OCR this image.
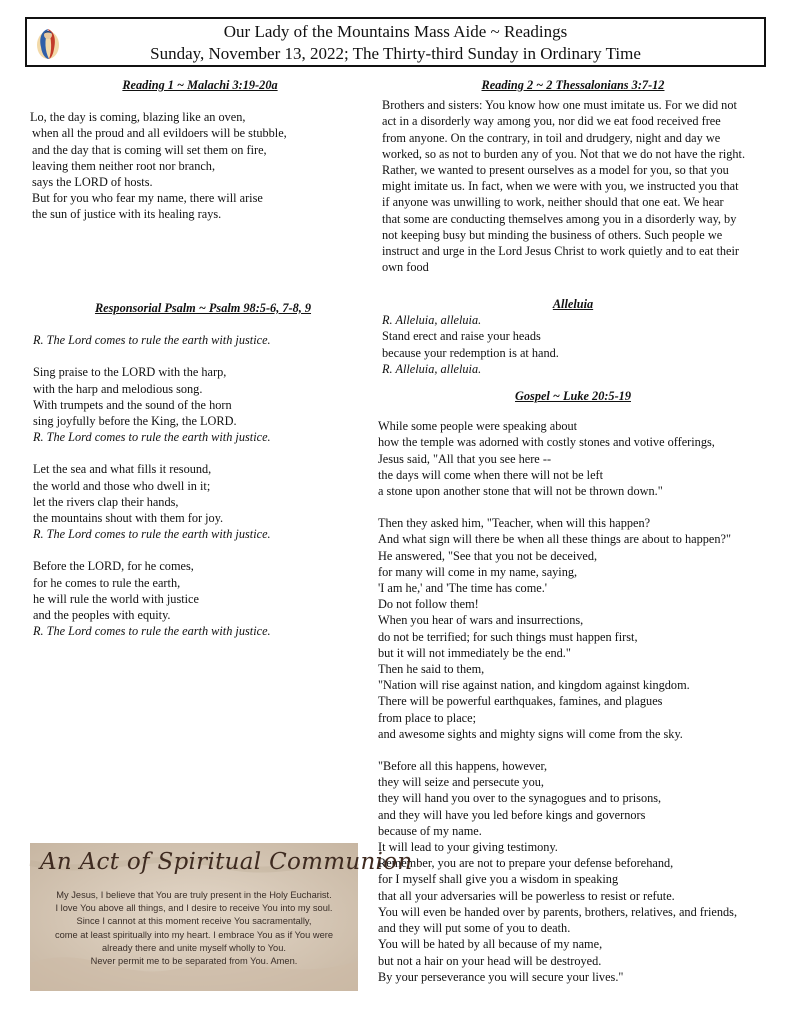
Our Lady of the Mountains Mass Aide ~ Readings
Sunday, November 13, 2022; The Thirty-third Sunday in Ordinary Time
Reading 1 ~ Malachi 3:19-20a
Lo, the day is coming, blazing like an oven,
when all the proud and all evildoers will be stubble,
and the day that is coming will set them on fire,
leaving them neither root nor branch,
says the LORD of hosts.
But for you who fear my name, there will arise
the sun of justice with its healing rays.
Reading 2 ~ 2 Thessalonians 3:7-12
Brothers and sisters: You know how one must imitate us. For we did not
act in a disorderly way among you, nor did we eat food received free
from anyone. On the contrary, in toil and drudgery, night and day we
worked, so as not to burden any of you. Not that we do not have the right.
Rather, we wanted to present ourselves as a model for you, so that you
might imitate us. In fact, when we were with you, we instructed you that
if anyone was unwilling to work, neither should that one eat. We hear
that some are conducting themselves among you in a disorderly way, by
not keeping busy but minding the business of others. Such people we
instruct and urge in the Lord Jesus Christ to work quietly and to eat their
own food
Responsorial Psalm ~ Psalm 98:5-6, 7-8, 9
R. The Lord comes to rule the earth with justice.
Sing praise to the LORD with the harp,
with the harp and melodious song.
With trumpets and the sound of the horn
sing joyfully before the King, the LORD.
R. The Lord comes to rule the earth with justice.
Let the sea and what fills it resound,
the world and those who dwell in it;
let the rivers clap their hands,
the mountains shout with them for joy.
R. The Lord comes to rule the earth with justice.
Before the LORD, for he comes,
for he comes to rule the earth,
he will rule the world with justice
and the peoples with equity.
R. The Lord comes to rule the earth with justice.
Alleluia
R. Alleluia, alleluia.
Stand erect and raise your heads
because your redemption is at hand.
R. Alleluia, alleluia.
Gospel ~ Luke 20:5-19
While some people were speaking about
how the temple was adorned with costly stones and votive offerings,
Jesus said, "All that you see here --
the days will come when there will not be left
a stone upon another stone that will not be thrown down."
Then they asked him, "Teacher, when will this happen?
And what sign will there be when all these things are about to happen?"
He answered, "See that you not be deceived,
for many will come in my name, saying,
'I am he,' and 'The time has come.'
Do not follow them!
When you hear of wars and insurrections,
do not be terrified; for such things must happen first,
but it will not immediately be the end."
Then he said to them,
"Nation will rise against nation, and kingdom against kingdom.
There will be powerful earthquakes, famines, and plagues
from place to place;
and awesome sights and mighty signs will come from the sky.
"Before all this happens, however,
they will seize and persecute you,
they will hand you over to the synagogues and to prisons,
and they will have you led before kings and governors
because of my name.
It will lead to your giving testimony.
Remember, you are not to prepare your defense beforehand,
for I myself shall give you a wisdom in speaking
that all your adversaries will be powerless to resist or refute.
You will even be handed over by parents, brothers, relatives, and friends,
and they will put some of you to death.
You will be hated by all because of my name,
but not a hair on your head will be destroyed.
By your perseverance you will secure your lives."
An Act of Spiritual Communion
My Jesus, I believe that You are truly present in the Holy Eucharist.
I love You above all things, and I desire to receive You into my soul.
Since I cannot at this moment receive You sacramentally,
come at least spiritually into my heart. I embrace You as if You were
already there and unite myself wholly to You.
Never permit me to be separated from You. Amen.
